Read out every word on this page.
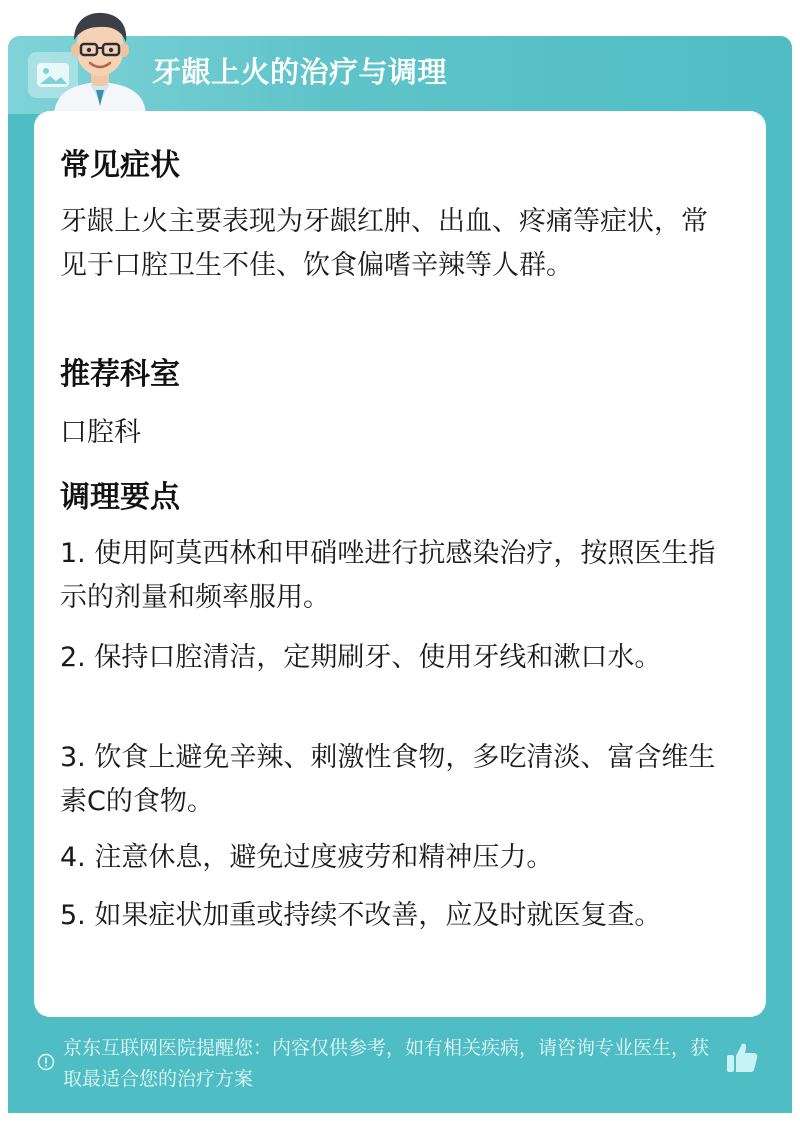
牙龈上火的治疗与调理
常见症状
牙龈上火主要表现为牙龈红肿、出血、疼痛等症状，常见于口腔卫生不佳、饮食偏嗜辛辣等人群。
推荐科室
口腔科
调理要点
1. 使用阿莫西林和甲硝唑进行抗感染治疗，按照医生指示的剂量和频率服用。
2. 保持口腔清洁，定期刷牙、使用牙线和漱口水。
3. 饮食上避免辛辣、刺激性食物，多吃清淡、富含维生素C的食物。
4. 注意休息，避免过度疲劳和精神压力。
5. 如果症状加重或持续不改善，应及时就医复查。
京东互联网医院提醒您：内容仅供参考，如有相关疾病，请咨询专业医生，获取最适合您的治疗方案
